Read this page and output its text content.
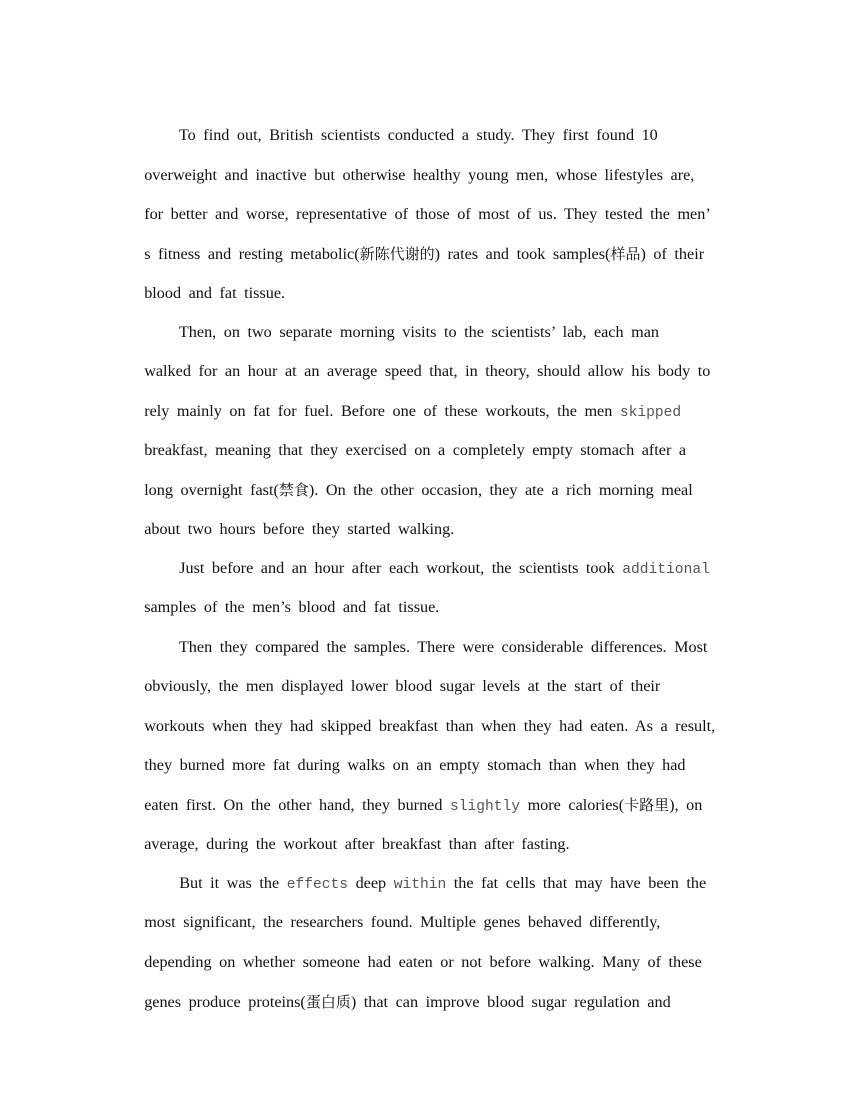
To find out, British scientists conducted a study. They first found 10

overweight and inactive but otherwise healthy young men, whose lifestyles are,

for better and worse, representative of those of most of us. They tested the men’

s fitness and resting metabolic(新陈代谢的) rates and took samples(样品) of their

blood and fat tissue.

Then, on two separate morning visits to the scientists’ lab, each man

walked for an hour at an average speed that, in theory, should allow his body to

rely mainly on fat for fuel. Before one of these workouts, the men skipped

breakfast, meaning that they exercised on a completely empty stomach after a

long overnight fast(禁食). On the other occasion, they ate a rich morning meal

about two hours before they started walking.

Just before and an hour after each workout, the scientists took additional

samples of the men’s blood and fat tissue.

Then they compared the samples. There were considerable differences. Most

obviously, the men displayed lower blood sugar levels at the start of their

workouts when they had skipped breakfast than when they had eaten. As a result,

they burned more fat during walks on an empty stomach than when they had

eaten first. On the other hand, they burned slightly more calories(卡路里), on

average, during the workout after breakfast than after fasting.

But it was the effects deep within the fat cells that may have been the

most significant, the researchers found. Multiple genes behaved differently,

depending on whether someone had eaten or not before walking. Many of these

genes produce proteins(蛋白质) that can improve blood sugar regulation and
